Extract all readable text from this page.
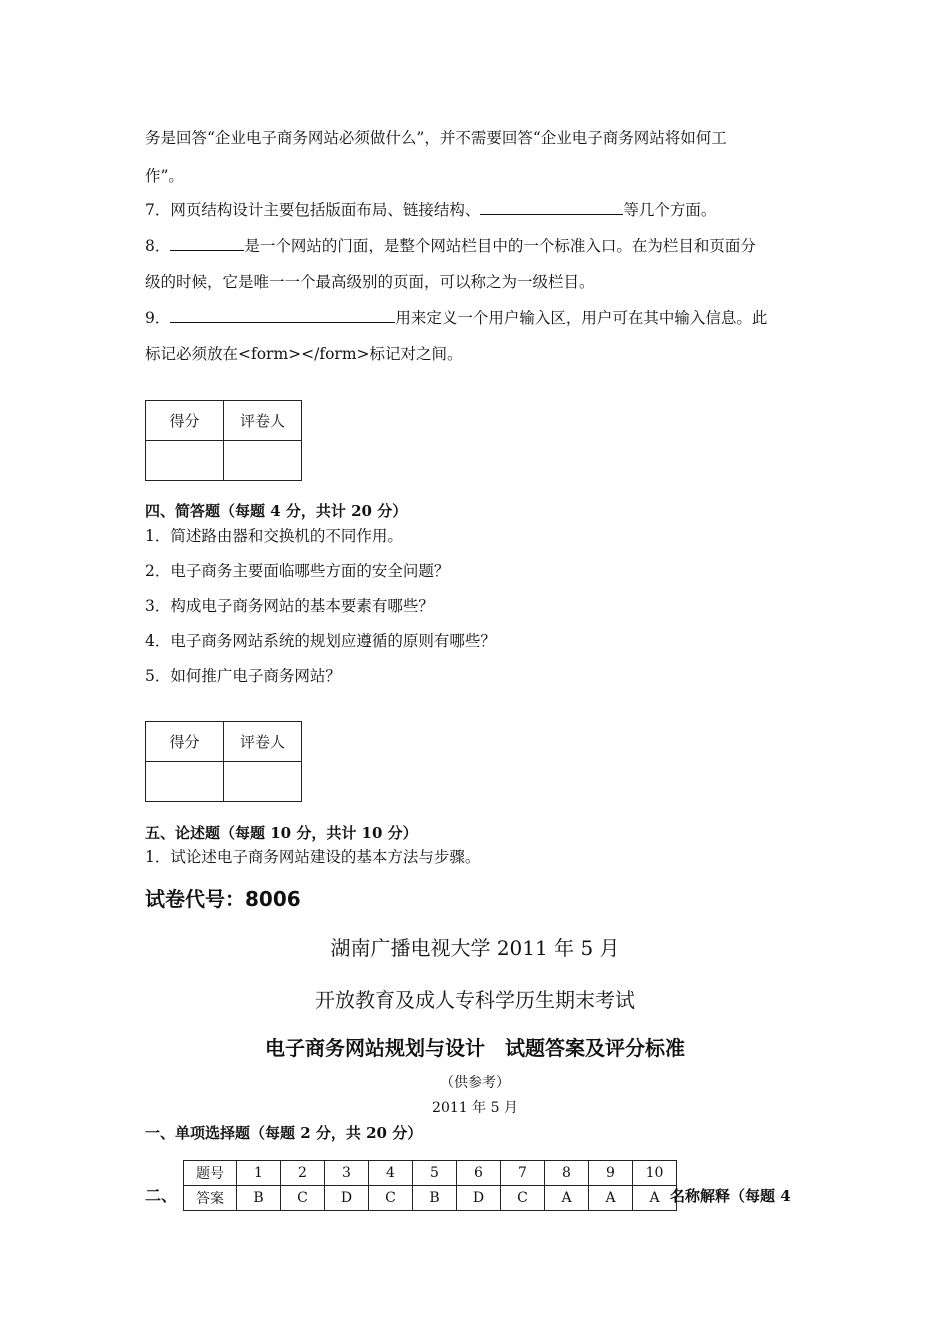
务是回答“企业电子商务网站必须做什么”，并不需要回答“企业电子商务网站将如何工
作”。
7．网页结构设计主要包括版面布局、链接结构、	等几个方面。
8．	是一个网站的门面，是整个网站栏目中的一个标准入口。在为栏目和页面分
级的时候，它是唯一一个最高级别的页面，可以称之为一级栏目。
9．	用来定义一个用户输入区，用户可在其中输入信息。此
标记必须放在<form></form>标记对之间。
得分	评卷人

四、简答题（每题 4 分，共计 20 分）
1．简述路由器和交换机的不同作用。
2．电子商务主要面临哪些方面的安全问题？
3．构成电子商务网站的基本要素有哪些？
4．电子商务网站系统的规划应遵循的原则有哪些？
5．如何推广电子商务网站？
得分	评卷人

五、论述题（每题 10 分，共计 10 分）
1．试论述电子商务网站建设的基本方法与步骤。
试卷代号：8006
湖南广播电视大学 2011 年 5 月
开放教育及成人专科学历生期末考试
电子商务网站规划与设计　试题答案及评分标准
（供参考）
2011 年 5 月
一、单项选择题（每题 2 分，共 20 分）
二、
题号	1	2	3	4	5	6	7	8	9	10
答案	B	C	D	C	B	D	C	A	A	A 名称解释（每题 4
